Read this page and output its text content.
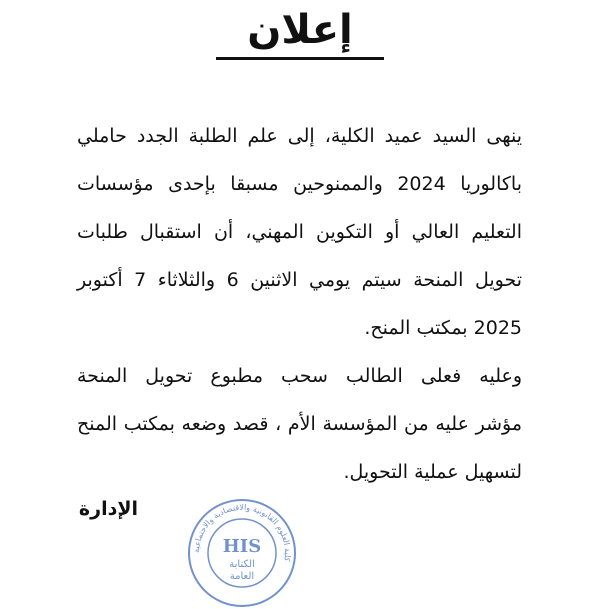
إعلان
ينهى السيد عميد الكلية، إلى علم الطلبة الجدد حاملي
باكالوريا 2024 والممنوحين مسبقا بإحدى مؤسسات
التعليم العالي أو التكوين المهني، أن استقبال طلبات
تحويل المنحة سيتم يومي الاثنين 6 والثلاثاء 7 أكتوبر
2025 بمكتب المنح.
وعليه فعلى الطالب سحب مطبوع تحويل المنحة
مؤشر عليه من المؤسسة الأم ، قصد وضعه بمكتب المنح
لتسهيل عملية التحويل.
الإدارة
كلية العلوم القانونية والاقتصادية والاجتماعية
HIS
الكتابة
العامة
